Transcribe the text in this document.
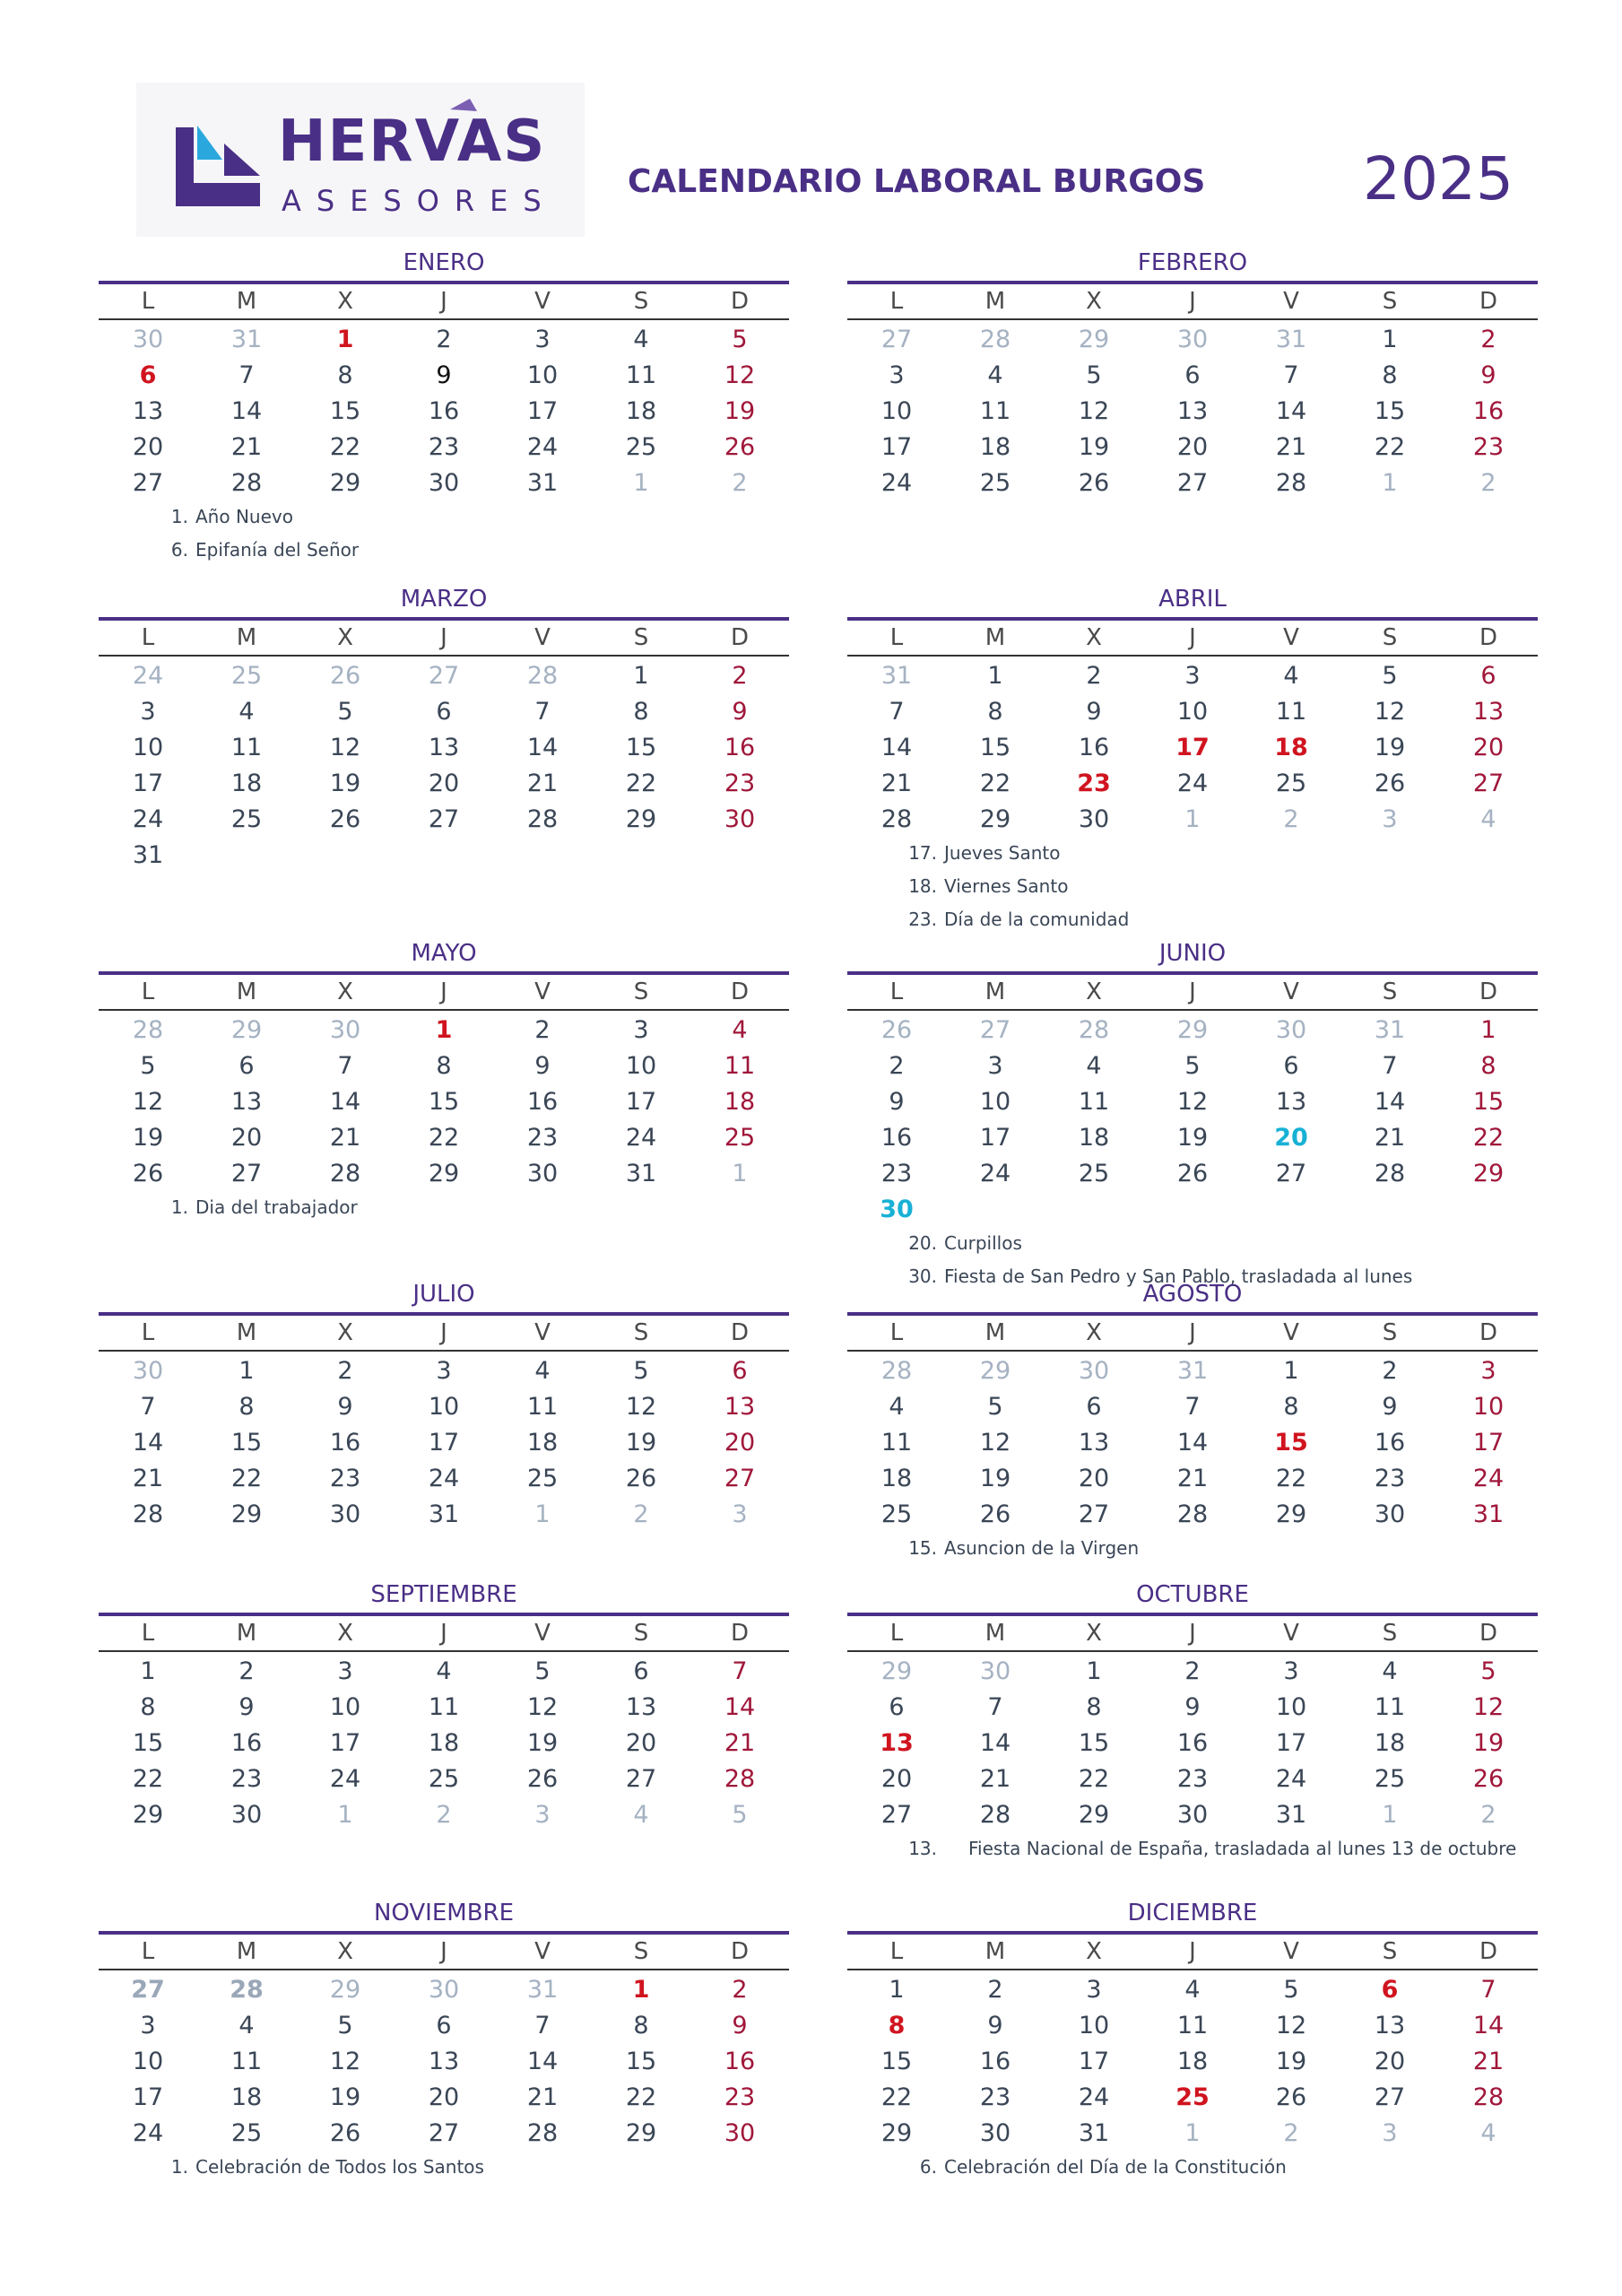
HERVAS
ASESORES
CALENDARIO LABORAL BURGOS	2025
ENERO
L	M	X	J	V	S	D
30	31	1	2	3	4	5
6	7	8	9	10	11	12
13	14	15	16	17	18	19
20	21	22	23	24	25	26
27	28	29	30	31	1	2
FEBRERO
L	M	X	J	V	S	D
27	28	29	30	31	1	2
3	4	5	6	7	8	9
10	11	12	13	14	15	16
17	18	19	20	21	22	23
24	25	26	27	28	1	2
MARZO
L	M	X	J	V	S	D
24	25	26	27	28	1	2
3	4	5	6	7	8	9
10	11	12	13	14	15	16
17	18	19	20	21	22	23
24	25	26	27	28	29	30
31
ABRIL
L	M	X	J	V	S	D
31	1	2	3	4	5	6
7	8	9	10	11	12	13
14	15	16	17	18	19	20
21	22	23	24	25	26	27
28	29	30	1	2	3	4
MAYO
L	M	X	J	V	S	D
28	29	30	1	2	3	4
5	6	7	8	9	10	11
12	13	14	15	16	17	18
19	20	21	22	23	24	25
26	27	28	29	30	31	1
JUNIO
L	M	X	J	V	S	D
26	27	28	29	30	31	1
2	3	4	5	6	7	8
9	10	11	12	13	14	15
16	17	18	19	20	21	22
23	24	25	26	27	28	29
30
JULIO
L	M	X	J	V	S	D
30	1	2	3	4	5	6
7	8	9	10	11	12	13
14	15	16	17	18	19	20
21	22	23	24	25	26	27
28	29	30	31	1	2	3
AGOSTO
L	M	X	J	V	S	D
28	29	30	31	1	2	3
4	5	6	7	8	9	10
11	12	13	14	15	16	17
18	19	20	21	22	23	24
25	26	27	28	29	30	31
SEPTIEMBRE
L	M	X	J	V	S	D
1	2	3	4	5	6	7
8	9	10	11	12	13	14
15	16	17	18	19	20	21
22	23	24	25	26	27	28
29	30	1	2	3	4	5
OCTUBRE
L	M	X	J	V	S	D
29	30	1	2	3	4	5
6	7	8	9	10	11	12
13	14	15	16	17	18	19
20	21	22	23	24	25	26
27	28	29	30	31	1	2
NOVIEMBRE
L	M	X	J	V	S	D
27	28	29	30	31	1	2
3	4	5	6	7	8	9
10	11	12	13	14	15	16
17	18	19	20	21	22	23
24	25	26	27	28	29	30
DICIEMBRE
L	M	X	J	V	S	D
1	2	3	4	5	6	7
8	9	10	11	12	13	14
15	16	17	18	19	20	21
22	23	24	25	26	27	28
29	30	31	1	2	3	4
1. Año Nuevo
6. Epifanía del Señor
17. Jueves Santo
18. Viernes Santo
23. Día de la comunidad
1. Dia del trabajador
20. Curpillos
30. Fiesta de San Pedro y San Pablo, trasladada al lunes
15. Asuncion de la Virgen
13. Fiesta Nacional de España, trasladada al lunes 13 de octubre
1. Celebración de Todos los Santos	6. Celebración del Día de la Constitución
